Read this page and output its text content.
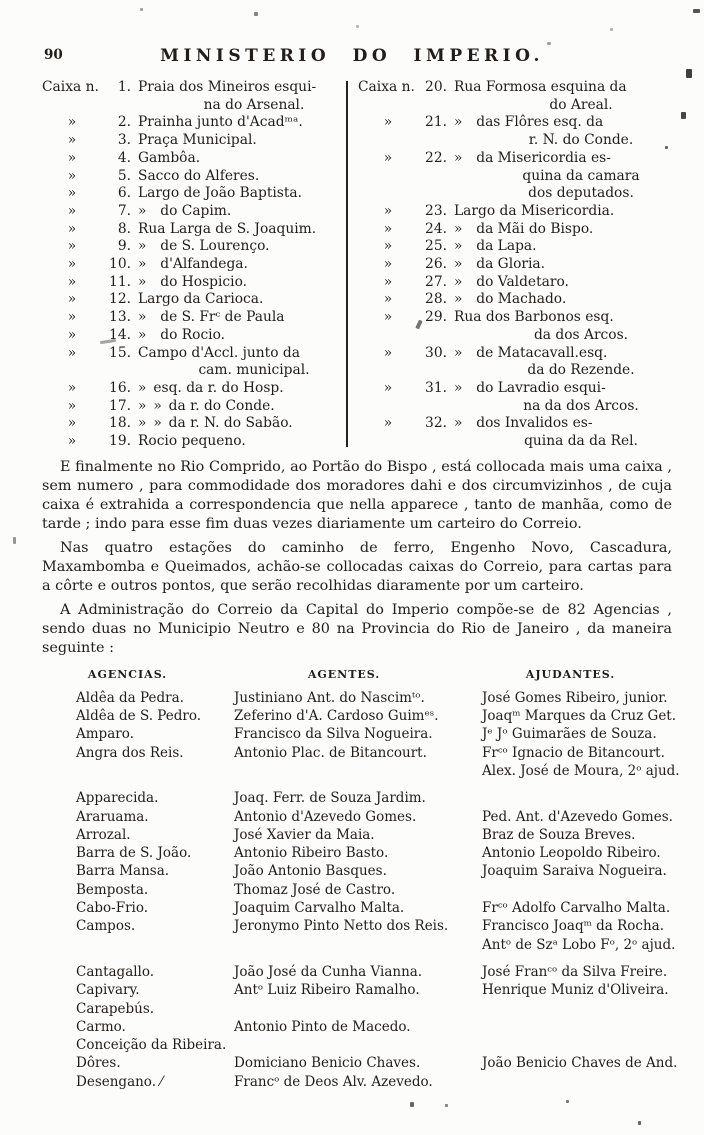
90	MINISTERIO DO IMPERIO.
Caixa n.	1. Praia dos Mineiros esqui-
na do Arsenal.
»	2. Prainha junto d'Acadᵐᵃ.
»	3. Praça Municipal.
»	4. Gambôa.
»	5. Sacco do Alferes.
»	6. Largo de João Baptista.
»	7. » do Capim.
»	8. Rua Larga de S. Joaquim.
»	9. » de S. Lourenço.
»	10. » d'Alfandega.
»	11. » do Hospicio.
»	12. Largo da Carioca.
»	13. » de S. Frᶜ de Paula
»	14. » do Rocio.
»	15. Campo d'Accl. junto da
cam. municipal.
»	16. » esq. da r. do Hosp.
»	17. » » da r. do Conde.
»	18. » » da r. N. do Sabão.
»	19. Rocio pequeno.
Caixa n. 20. Rua Formosa esquina da
do Areal.
»	21. » das Flôres esq. da
r. N. do Conde.
»	22. » da Misericordia es-
quina da camara
dos deputados.
»	23. Largo da Misericordia.
»	24. » da Mãi do Bispo.
»	25. » da Lapa.
»	26. » da Gloria.
»	27. » do Valdetaro.
»	28. » do Machado.
»	29. Rua dos Barbonos esq.
da dos Arcos.
»	30. » de Matacavall.esq.
da do Rezende.
»	31. » do Lavradio esqui-
na da dos Arcos.
»	32. » dos Invalidos es-
quina da da Rel.

E finalmente no Rio Comprido, ao Portão do Bispo , está collocada mais uma caixa , sem numero , para commodidade dos moradores dahi e dos circumvizinhos , de cuja caixa é extrahida a correspondencia que nella apparece , tanto de manhãa, como de tarde ; indo para esse fim duas vezes diariamente um carteiro do Correio.

Nas quatro estações do caminho de ferro, Engenho Novo, Cascadura, Maxambomba e Queimados, achão-se collocadas caixas do Correio, para cartas para a côrte e outros pontos, que serão recolhidas diaramente por um carteiro.

A Administração do Correio da Capital do Imperio compõe-se de 82 Agencias , sendo duas no Municipio Neutro e 80 na Provincia do Rio de Janeiro , da maneira seguinte :

AGENCIAS.	AGENTES.	AJUDANTES.
Aldêa da Pedra.	Justiniano Ant. do Nascimᵗᵒ.	José Gomes Ribeiro, junior.
Aldêa de S. Pedro.	Zeferino d'A. Cardoso Guimᵉˢ.	Joaqᵐ Marques da Cruz Get.
Amparo.	Francisco da Silva Nogueira.	Jᵉ Jᵒ Guimarães de Souza.
Angra dos Reis.	Antonio Plac. de Bitancourt.	Frᶜᵒ Ignacio de Bitancourt.
Alex. José de Moura, 2ᵒ ajud.
Apparecida.	Joaq. Ferr. de Souza Jardim.
Araruama.	Antonio d'Azevedo Gomes.	Ped. Ant. d'Azevedo Gomes.
Arrozal.	José Xavier da Maia.	Braz de Souza Breves.
Barra de S. João.	Antonio Ribeiro Basto.	Antonio Leopoldo Ribeiro.
Barra Mansa.	João Antonio Basques.	Joaquim Saraiva Nogueira.
Bemposta.	Thomaz José de Castro.
Cabo-Frio.	Joaquim Carvalho Malta.	Frᶜᵒ Adolfo Carvalho Malta.
Campos.	Jeronymo Pinto Netto dos Reis.	Francisco Joaqᵐ da Rocha.
Antᵒ de Szᵃ Lobo Fᵒ, 2ᵒ ajud.
Cantagallo.	João José da Cunha Vianna.	José Franᶜᵒ da Silva Freire.
Capivary.	Antᵒ Luiz Ribeiro Ramalho.	Henrique Muniz d'Oliveira.
Carapebús.
Carmo.	Antonio Pinto de Macedo.
Conceição da Ribeira.
Dôres.	Domiciano Benicio Chaves.	João Benicio Chaves de And.
Desengano. ⁄	Francᵒ de Deos Alv. Azevedo.
